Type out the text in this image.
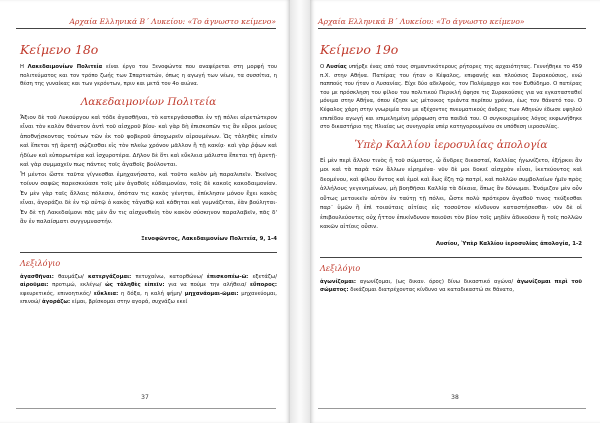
Αρχαία Ελληνικά Β΄ Λυκείου: «Το άγνωστο κείμενο»
Κείμενο 18ο

Η Λακεδαιμονίων Πολιτεία είναι έργο του Ξενοφώντα που αναφέρεται στη μορφή του πολιτεύματος και τον τρόπο ζωής των Σπαρτιατών, όπως η αγωγή των νέων, τα συσσίτια, η θέση της γυναίκας και των γερόντων, πριν και μετά τον 4ο αιώνα.

Λακεδαιμονίων Πολιτεία

Ἄξιον δὲ τοῦ Λυκούργου καὶ τόδε ἀγασθῆναι, τὸ κατεργάσασθαι ἐν τῇ πόλει αἱρετώτερον εἶναι τὸν καλὸν θάνατον ἀντὶ τοῦ αἰσχροῦ βίου· καὶ γὰρ δὴ ἐπισκοπῶν τις ἂν εὕροι μείους ἀποθνῄσκοντας τούτων τῶν ἐκ τοῦ φοβεροῦ ἀποχωρεῖν αἱρουμένων. Ὡς τἀληθὲς εἰπεῖν καὶ ἕπεται τῇ ἀρετῇ σῴζεσθαι εἰς τὸν πλείω χρόνον μᾶλλον ἢ τῇ κακίᾳ· καὶ γὰρ ῥᾴων καὶ ἡδίων καὶ εὐπορωτέρα καὶ ἰσχυροτέρα. Δῆλον δὲ ὅτι καὶ εὔκλεια μάλιστα ἕπεται τῇ ἀρετῇ· καὶ γὰρ συμμαχεῖν πως πάντες τοῖς ἀγαθοῖς βούλονται.

Ἧ μέντοι ὥστε ταῦτα γίγνεσθαι ἐμηχανήσατο, καὶ τοῦτο καλὸν μὴ παραλιπεῖν. Ἐκεῖνος τοίνυν σαφῶς παρεσκεύασε τοῖς μὲν ἀγαθοῖς εὐδαιμονίαν, τοῖς δὲ κακοῖς κακοδαιμονίαν. Ἐν μὲν γὰρ ταῖς ἄλλαις πόλεσιν, ὁπόταν τις κακὸς γένηται, ἐπίκλησιν μόνον ἔχει κακὸς εἶναι, ἀγοράζει δὲ ἐν τῷ αὐτῷ ὁ κακὸς τἀγαθῷ καὶ κάθηται καὶ γυμνάζεται, ἐὰν βούληται· Ἐν δὲ τῇ Λακεδαίμονι πᾶς μὲν ἄν τις αἰσχυνθείη τὸν κακὸν σύσκηνον παραλαβεῖν, πᾶς δ' ἂν ἐν παλαίσματι συγγυμναστήν.

Ξενοφῶντος, Λακεδαιμονίων Πολιτεία, 9, 1-4
Λεξιλόγιο

ἀγασθῆναι: θαυμάζω/ κατεργάζομαι: πετυχαίνω, κατορθώνω/ ἐπισκοπέω-ῶ: εξετάζω/ αἱροῦμαι: προτιμώ, εκλέγω/ ὡς τἀληθὲς εἰπεῖν: για να πούμε την αλήθεια/ εὔπορος: εφευρετικός, επινοητικός/ εὔκλεια: η δόξα, η καλή φήμη/ μηχανάομαι-ῶμαι: μηχανεύομαι, επινοώ/ ἀγοράζω: είμαι, βρίσκομαι στην αγορά, συχνάζω εκεί

37
Αρχαία Ελληνικά Β΄ Λυκείου: «Το άγνωστο κείμενο»
Κείμενο 19ο

Ο Λυσίας υπήρξε ένας από τους σημαντικότερους ρήτορες της αρχαιότητας. Γεννήθηκε το 459 π.Χ. στην Αθήνα. Πατέρας του ήταν ο Κέφαλος, επιφανής και πλούσιος Συρακούσιος, ενώ παππούς του ήταν ο Λυσανίας. Είχε δύο αδελφούς, τον Πολέμαρχο και τον Ευθύδημο. Ο πατέρας του με πρόσκληση του φίλου του πολιτικού Περικλή άφησε τις Συρακούσες για να εγκατασταθεί μόνιμα στην Αθήνα, όπου έζησε ως μέτοικος τριάντα περίπου χρόνια, έως τον θάνατό του. Ο Κέφαλος χάρη στην γνωριμία του με εξέχοντες πνευματικούς άνδρες των Αθηνών έδωσε υψηλού επιπέδου αγωγή και επιμελημένη μόρφωση στα παιδιά του. Ο συγκεκριμένος λόγος εκφωνήθηκε στο δικαστήριο της Ηλιαίας ως συνηγορία υπέρ κατηγορουμένου σε υπόθεση ιεροσυλίας.

Ὑπὲρ Καλλίου ἱεροσυλίας ἀπολογία

Εἰ μὲν περὶ ἄλλου τινὸς ἦ τοῦ σώματος, ὦ ἄνδρες δικασταί, Καλλίας ἠγωνίζετο, ἐξήρκει ἂν μοι καὶ τὰ παρὰ τῶν ἄλλων εἰρημένα· νῦν δὲ μοι δοκεῖ αἰσχρὸν εἶναι, ἱκετεύοντος καὶ δεομένου, καὶ φίλου ὄντος καὶ ἐμοὶ καὶ ἕως ἔζη τῷ πατρί, καὶ πολλῶν συμβολαίων ἡμῖν πρὸς ἀλλήλους γεγενημένων, μὴ βοηθῆσαι Καλλίᾳ τὰ δίκαια, ὅπως ἂν δύνωμαι. Ἐνόμιζον μὲν οὖν οὕτως μετοικεῖν αὐτὸν ἐν ταύτῃ τῇ πόλει, ὥστε πολὺ πρότερον ἀγαθοῦ τινος τεύξεσθαι παρ᾽ ὑμῶν ἢ ἐπὶ τοιαύταις αἰτίαις εἰς τοσοῦτον κίνδυνον καταστήσεσθαι· νῦν δὲ οἱ ἐπιβουλεύοντες οὐχ ἧττον ἐπικίνδυνον ποιοῦσι τὸν βίον τοῖς μηδὲν ἀδικοῦσιν ἢ τοῖς πολλῶν κακῶν αἰτίοις οὖσιν.

Λυσίου, Ὑπὲρ Καλλίου ἱεροσυλίας ἀπολογία, 1-2
Λεξιλόγιο

ἀγωνίζομαι: αγωνίζομαι, (ως δικαν. όρος) δίνω δικαστικό αγώνα/ ἀγωνίζομαι περὶ τοῦ σώματος: δικάζομαι διατρέχοντας κίνδυνο να καταδικαστώ σε θάνατο,

38
